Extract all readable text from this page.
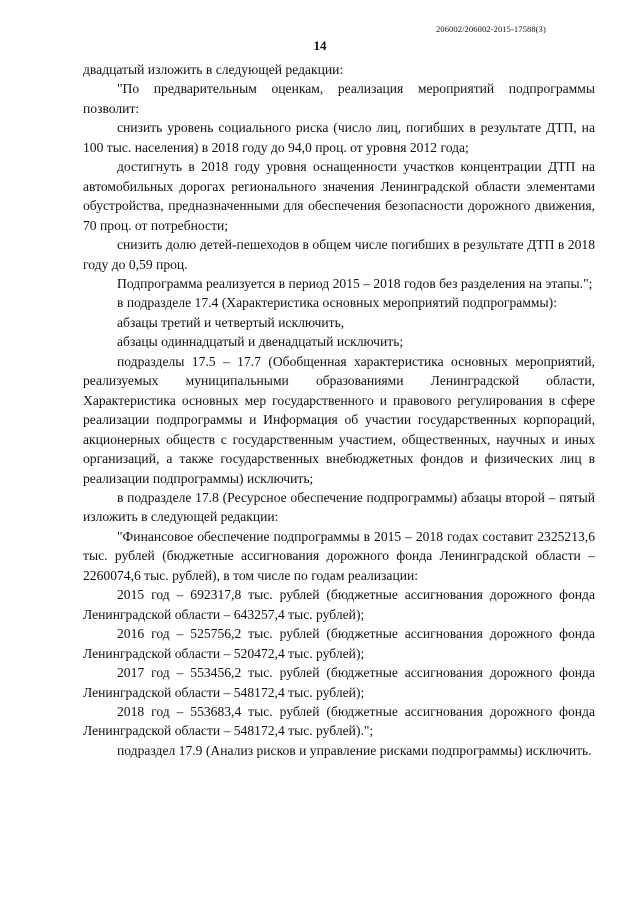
206002/206002-2015-17588(3)
14

двадцатый изложить в следующей редакции:

"По предварительным оценкам, реализация мероприятий подпрограммы позволит:

снизить уровень социального риска (число лиц, погибших в результате ДТП, на 100 тыс. населения) в 2018 году до 94,0 проц. от уровня 2012 года;

достигнуть в 2018 году уровня оснащенности участков концентрации ДТП на автомобильных дорогах регионального значения Ленинградской области элементами обустройства, предназначенными для обеспечения безопасности дорожного движения, 70 проц. от потребности;

снизить долю детей-пешеходов в общем числе погибших в результате ДТП в 2018 году до 0,59 проц.

Подпрограмма реализуется в период 2015 – 2018 годов без разделения на этапы.";

в подразделе 17.4 (Характеристика основных мероприятий подпрограммы):

абзацы третий и четвертый исключить,

абзацы одиннадцатый и двенадцатый исключить;

подразделы 17.5 – 17.7 (Обобщенная характеристика основных мероприятий, реализуемых муниципальными образованиями Ленинградской области, Характеристика основных мер государственного и правового регулирования в сфере реализации подпрограммы и Информация об участии государственных корпораций, акционерных обществ с государственным участием, общественных, научных и иных организаций, а также государственных внебюджетных фондов и физических лиц в реализации подпрограммы) исключить;

в подразделе 17.8 (Ресурсное обеспечение подпрограммы) абзацы второй – пятый изложить в следующей редакции:

"Финансовое обеспечение подпрограммы в 2015 – 2018 годах составит 2325213,6 тыс. рублей (бюджетные ассигнования дорожного фонда Ленинградской области – 2260074,6 тыс. рублей), в том числе по годам реализации:

2015 год – 692317,8 тыс. рублей (бюджетные ассигнования дорожного фонда Ленинградской области – 643257,4 тыс. рублей);

2016 год – 525756,2 тыс. рублей (бюджетные ассигнования дорожного фонда Ленинградской области – 520472,4 тыс. рублей);

2017 год – 553456,2 тыс. рублей (бюджетные ассигнования дорожного фонда Ленинградской области – 548172,4 тыс. рублей);

2018 год – 553683,4 тыс. рублей (бюджетные ассигнования дорожного фонда Ленинградской области – 548172,4 тыс. рублей).";

подраздел 17.9 (Анализ рисков и управление рисками подпрограммы) исключить.
